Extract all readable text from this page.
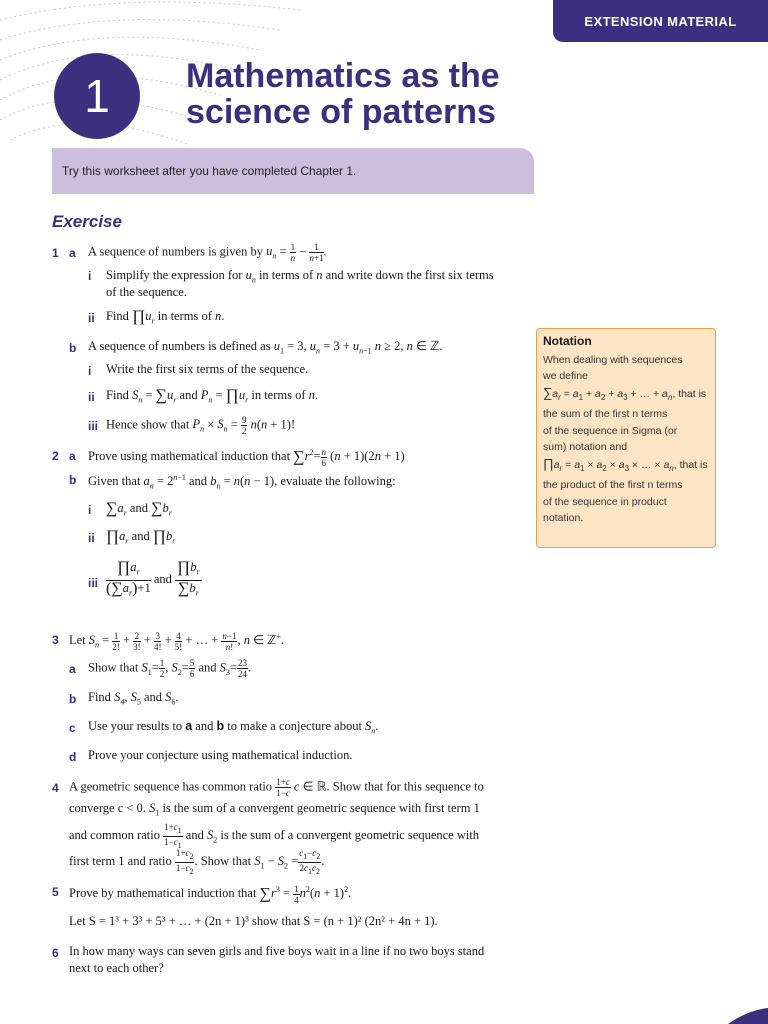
EXTENSION MATERIAL
1	Mathematics as the
science of patterns
Try this worksheet after you have completed Chapter 1.
Exercise
1 a A sequence of numbers is given by $u_n = \frac{1}{n} - \frac{1}{n+1}$ .
i Simplify the expression for $u_n$ in terms of n and write down the first six terms
of the sequence.
ii Find $\prod u_r$ in terms of n.
b A sequence of numbers is defined as $u_1 = 3$, $u_n = 3 + u_{n-1}$ n ≥ 2, n ∈ ℤ.
i Write the first six terms of the sequence.
ii Find $S_n = \sum u_r$ and $P_n$ = $\prod u_r$ in terms of n.
iii Hence show that $P_n \times S_n = \frac{9}{2} n(n + 1)$!
2 a Prove using mathematical induction that $\sum r^2= \frac{n}{6} (n + 1)(2n + 1)$
b Given that $a_n = 2^{n-1}$ and $b_n = n(n - 1)$, evaluate the following:
i $\sum a_r$ and $\sum b_r$
ii $\prod a_r$ and $\prod b_r$
iii $\frac{\prod a_r}{(\sum a_r)+1}$ and $\frac{\prod b_r}{\sum b_r}$
3 Let $S_n = \frac{1}{2!} + \frac{2}{3!} + \frac{3}{4!} + \frac{4}{5!}$ + … + $\frac{n-1}{n!}$ , n ∈ ℤ+.
a Show that $S_1= \frac{1}{2}$ , $S_2= \frac{5}{6}$ and $S_3= \frac{23}{24}$ .
b Find $S_4$, $S_5$ and $S_6$.
c Use your results to a and b to make a conjecture about $S_n$.
d Prove your conjecture using mathematical induction.
4 A geometric sequence has common ratio $\frac{1+c}{1-c}$ c ∈ ℝ. Show that for this sequence to
converge c < 0. $S_1$ is the sum of a convergent geometric sequence with first term 1
and common ratio $\frac{1+c_1}{1-c_1}$ and $S_2$ is the sum of a convergent geometric sequence with
first term 1 and ratio $\frac{1+c_2}{1-c_2}$ . Show that $S_1 - S_2 = \frac{c_1-c_2}{2c_1c_2}$ .
5 Prove by mathematical induction that $\sum r^3 = \frac{1}{4} n^2(n + 1)^2$.
Let S = 1³ + 3³ + 5³ + … + (2n + 1)³ show that S = (n + 1)² (2n² + 4n + 1).
6 In how many ways can seven girls and five boys wait in a line if no two boys stand
next to each other?
Notation
When dealing with sequences
we define
$\sum a_r = a_1 + a_2 + a_3$ + … + $a_n$, that is
the sum of the first n terms
of the sequence in Sigma (or
sum) notation and
$\prod a_r = a_1 \times a_2 \times a_3$ × … × $a_n$, that is
the product of the first n terms
of the sequence in product
notation.
